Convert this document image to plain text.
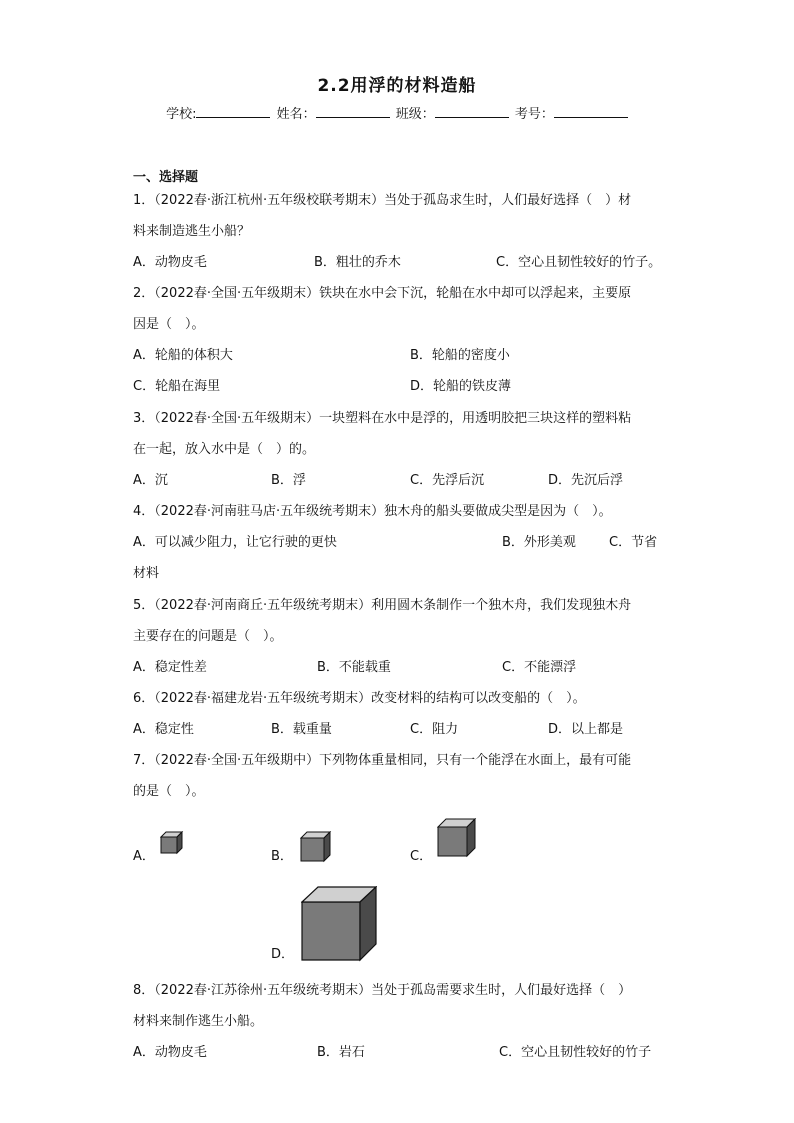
2.2用浮的材料造船
学校:	姓名：	班级：	考号：
一、选择题
1．（2022春·浙江杭州·五年级校联考期末）当处于孤岛求生时，人们最好选择（　）材
料来制造逃生小船？
A．动物皮毛	B．粗壮的乔木	C．空心且韧性较好的竹子。
2．（2022春·全国·五年级期末）铁块在水中会下沉，轮船在水中却可以浮起来，主要原
因是（　）。
A．轮船的体积大	B．轮船的密度小
C．轮船在海里	D．轮船的铁皮薄
3．（2022春·全国·五年级期末）一块塑料在水中是浮的，用透明胶把三块这样的塑料粘
在一起，放入水中是（　）的。
A．沉	B．浮	C．先浮后沉	D．先沉后浮
4．（2022春·河南驻马店·五年级统考期末）独木舟的船头要做成尖型是因为（　）。
A．可以减少阻力，让它行驶的更快	B．外形美观	C．节省
材料
5．（2022春·河南商丘·五年级统考期末）利用圆木条制作一个独木舟，我们发现独木舟
主要存在的问题是（　）。
A．稳定性差	B．不能载重	C．不能漂浮
6．（2022春·福建龙岩·五年级统考期末）改变材料的结构可以改变船的（　）。
A．稳定性	B．载重量	C．阻力	D．以上都是
7．（2022春·全国·五年级期中）下列物体重量相同，只有一个能浮在水面上，最有可能
的是（　）。
A．	B．	C．
D．
8．（2022春·江苏徐州·五年级统考期末）当处于孤岛需要求生时，人们最好选择（　）
材料来制作逃生小船。
A．动物皮毛	B．岩石	C．空心且韧性较好的竹子
